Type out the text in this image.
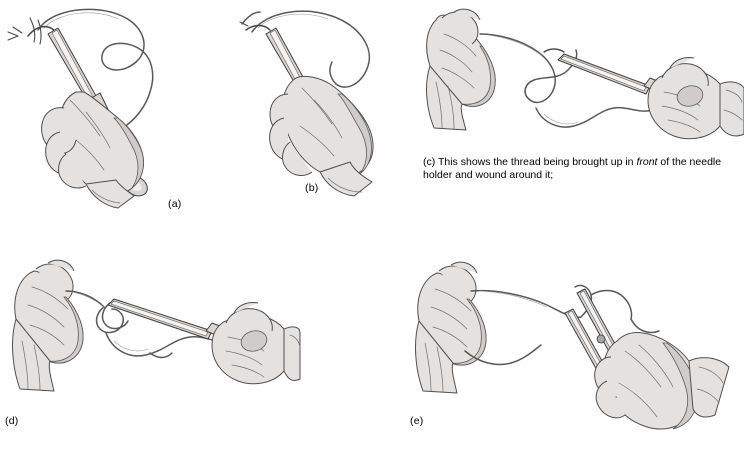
(a)
(b)
(c) This shows the thread being brought up in front of the needle
holder and wound around it;
(d)	(e)
